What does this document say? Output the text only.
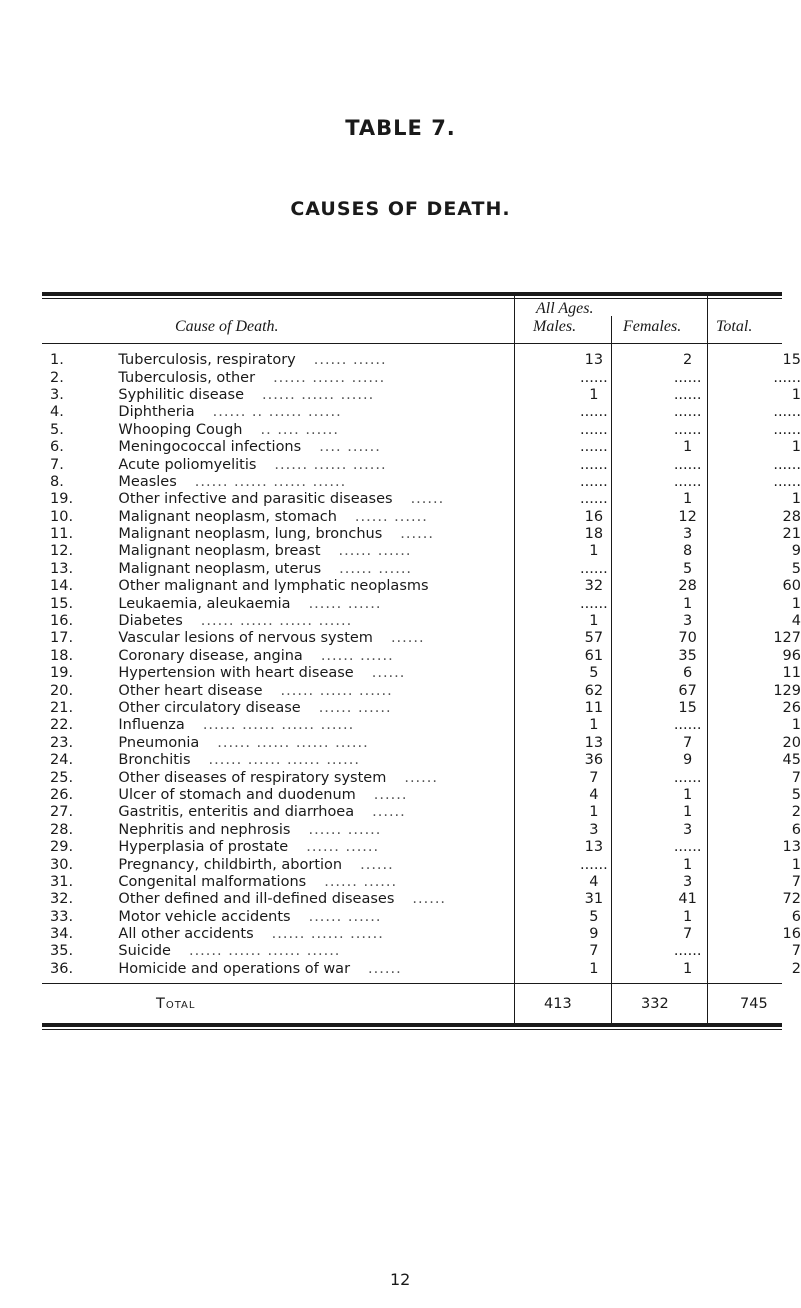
TABLE 7.
CAUSES OF DEATH.
Cause of Death.
All Ages.
Males.	Females. Total.
1.	Tuberculosis, respiratory ...... ......	13	2	15
2.	Tuberculosis, other ...... ...... ......	......	......	......
3.	Syphilitic disease ...... ...... ......	1	......	1
4.	Diphtheria ...... .. ...... ......	......	......	......
5.	Whooping Cough .. .... ......	......	......	......
6.	Meningococcal infections .... ......	......	1	1
7.	Acute poliomyelitis ...... ...... ......	......	......	......
8.	Measles ...... ...... ...... ......	......	......	......
19.	Other infective and parasitic diseases ......	......	1	1
10.	Malignant neoplasm, stomach ...... ......	16	12	28
11.	Malignant neoplasm, lung, bronchus ......	18	3	21
12.	Malignant neoplasm, breast ...... ......	1	8	9
13.	Malignant neoplasm, uterus ...... ......	......	5	5
14.	Other malignant and lymphatic neoplasms	32	28	60
15.	Leukaemia, aleukaemia ...... ......	......	1	1
16.	Diabetes ...... ...... ...... ......	1	3	4
17.	Vascular lesions of nervous system ......	57	70	127
18.	Coronary disease, angina ...... ......	61	35	96
19.	Hypertension with heart disease ......	5	6	11
20.	Other heart disease ...... ...... ......	62	67	129
21.	Other circulatory disease ...... ......	11	15	26
22.	Influenza ...... ...... ...... ......	1	......	1
23.	Pneumonia ...... ...... ...... ......	13	7	20
24.	Bronchitis ...... ...... ...... ......	36	9	45
25.	Other diseases of respiratory system ......	7	......	7
26.	Ulcer of stomach and duodenum ......	4	1	5
27.	Gastritis, enteritis and diarrhoea ......	1	1	2
28.	Nephritis and nephrosis ...... ......	3	3	6
29.	Hyperplasia of prostate ...... ......	13	......	13
30.	Pregnancy, childbirth, abortion ......	......	1	1
31.	Congenital malformations ...... ......	4	3	7
32.	Other defined and ill-defined diseases ......	31	41	72
33.	Motor vehicle accidents ...... ......	5	1	6
34.	All other accidents ...... ...... ......	9	7	16
35.	Suicide ...... ...... ...... ......	7	......	7
36.	Homicide and operations of war ......	1	1	2
Total	413	332	745
12
